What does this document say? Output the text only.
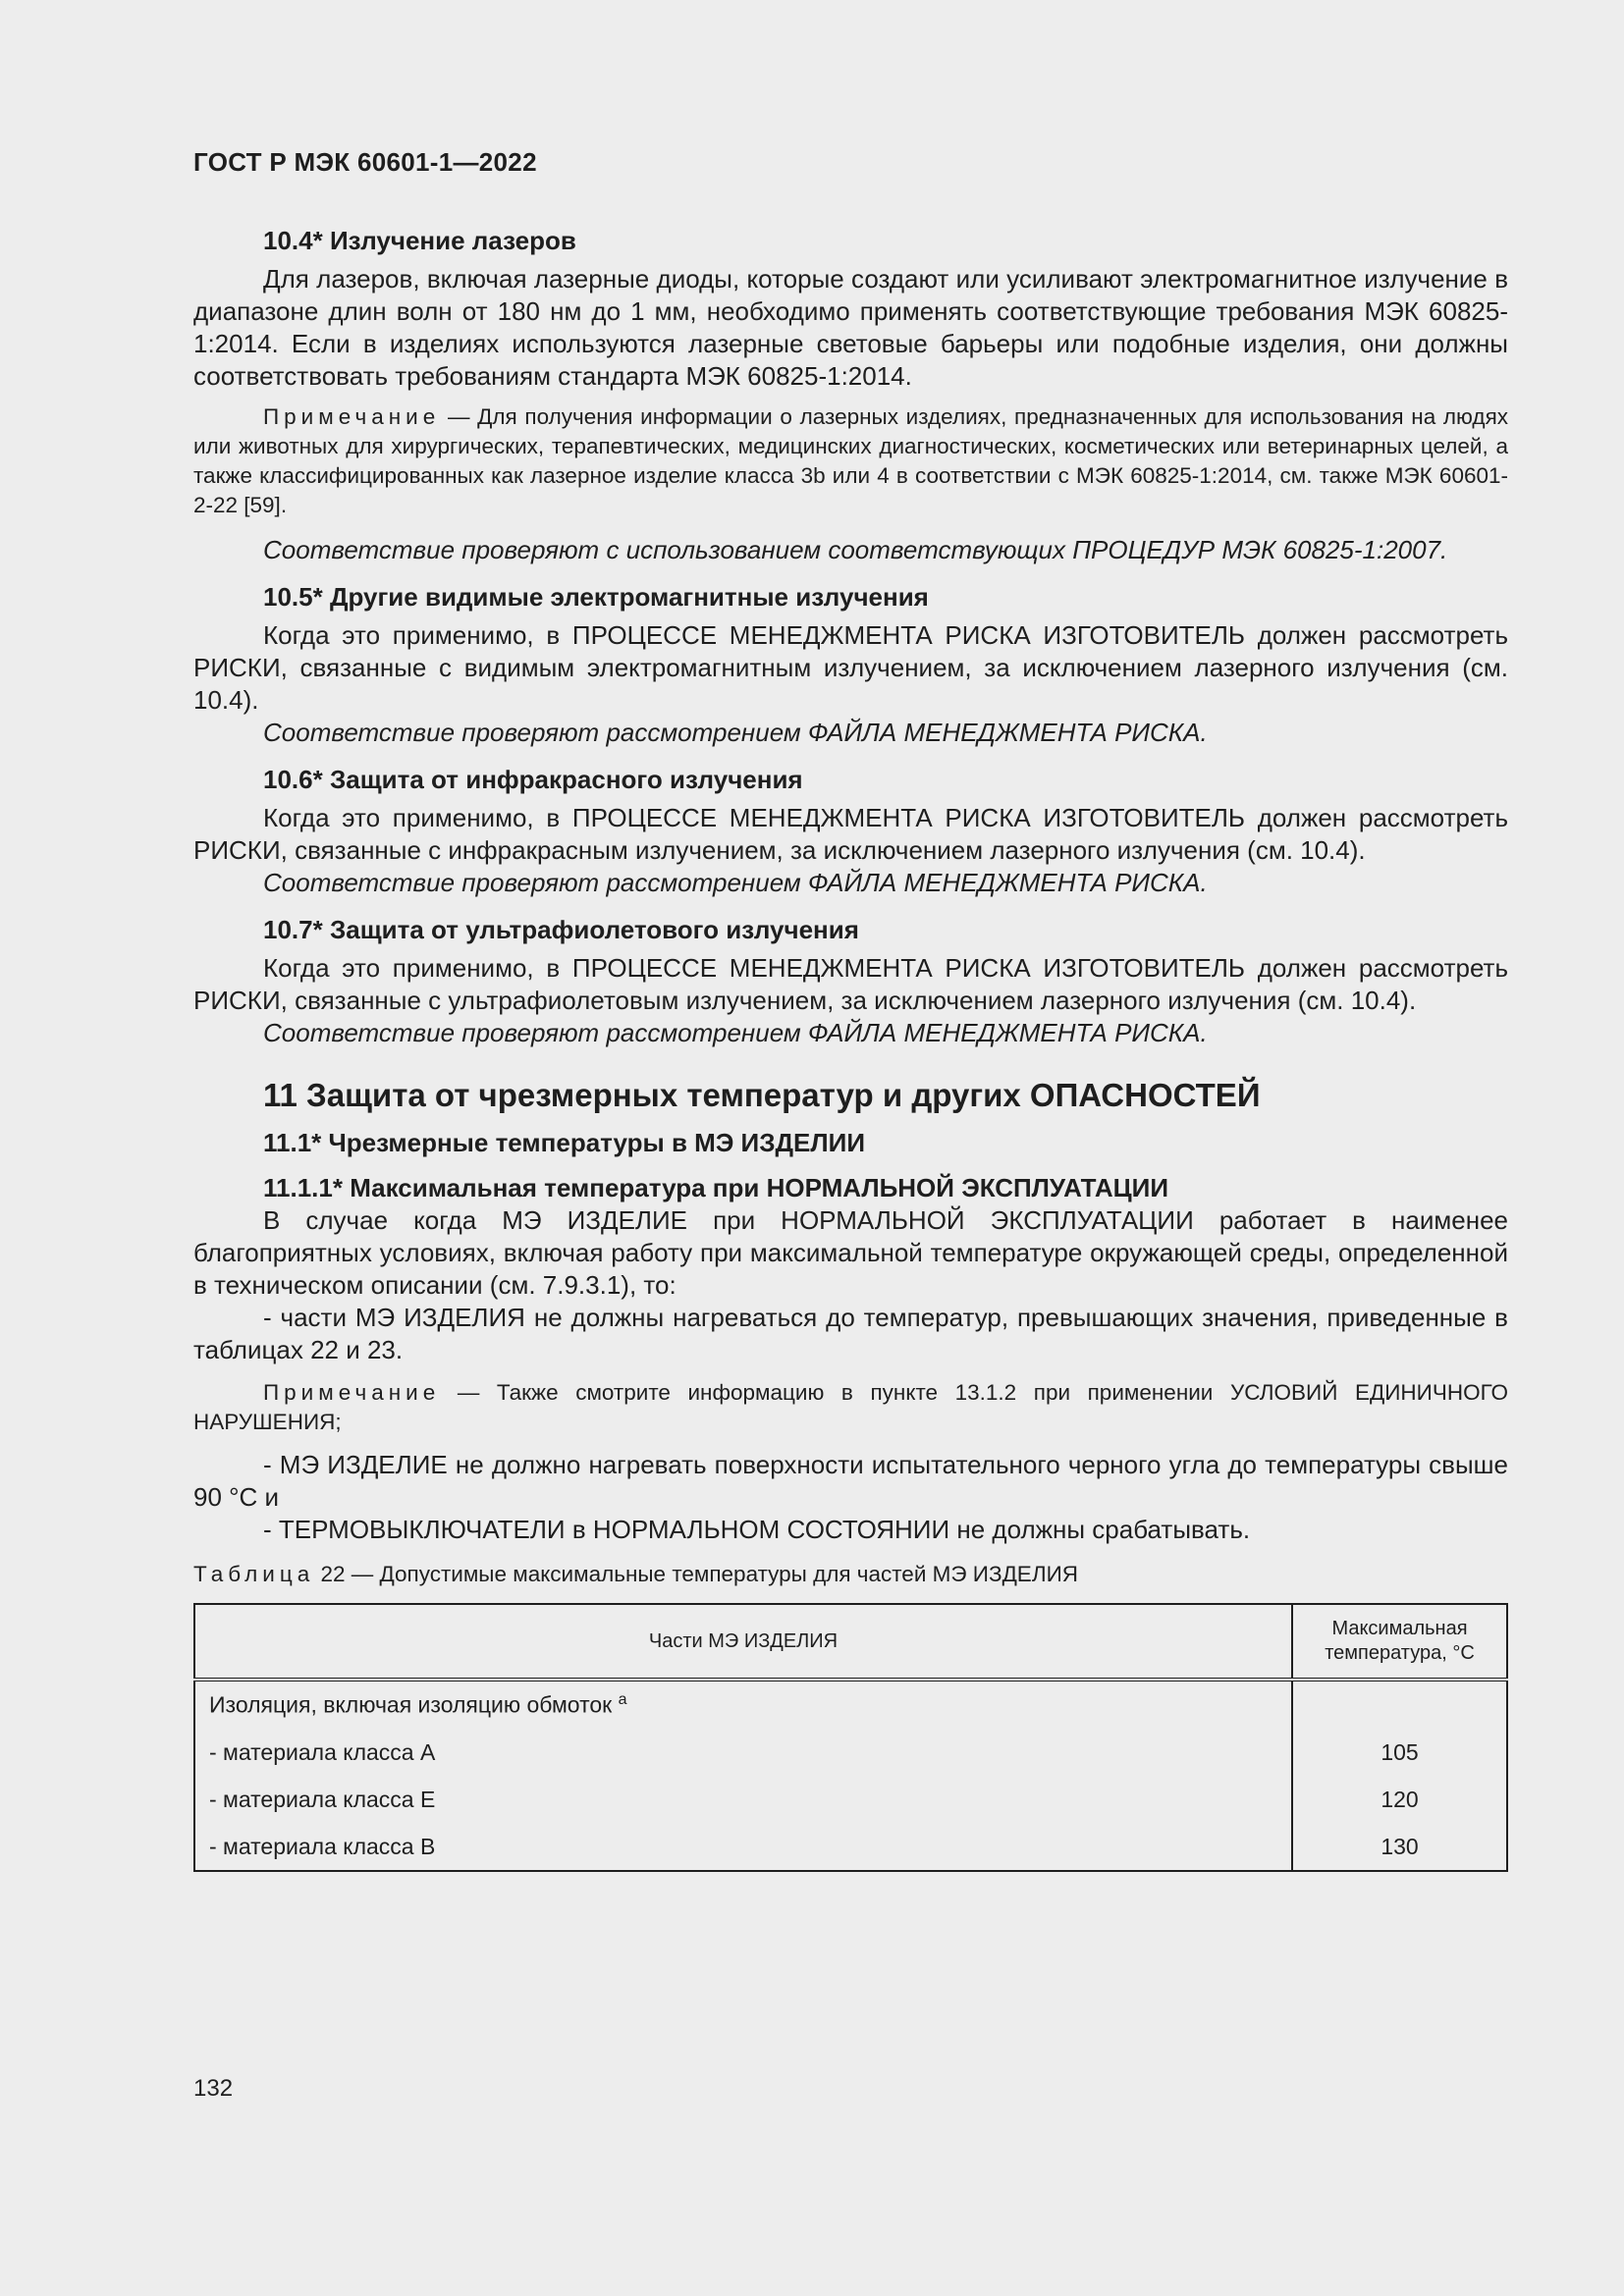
ГОСТ Р МЭК 60601-1—2022
10.4* Излучение лазеров

Для лазеров, включая лазерные диоды, которые создают или усиливают электромагнитное излучение в диапазоне длин волн от 180 нм до 1 мм, необходимо применять соответствующие требования МЭК 60825-1:2014. Если в изделиях используются лазерные световые барьеры или подобные изделия, они должны соответствовать требованиям стандарта МЭК 60825-1:2014.

Примечание — Для получения информации о лазерных изделиях, предназначенных для использования на людях или животных для хирургических, терапевтических, медицинских диагностических, косметических или ветеринарных целей, а также классифицированных как лазерное изделие класса 3b или 4 в соответствии с МЭК 60825-1:2014, см. также МЭК 60601-2-22 [59].

Соответствие проверяют с использованием соответствующих ПРОЦЕДУР МЭК 60825-1:2007.

10.5* Другие видимые электромагнитные излучения

Когда это применимо, в ПРОЦЕССЕ МЕНЕДЖМЕНТА РИСКА ИЗГОТОВИТЕЛЬ должен рассмотреть РИСКИ, связанные с видимым электромагнитным излучением, за исключением лазерного излучения (см. 10.4).

Соответствие проверяют рассмотрением ФАЙЛА МЕНЕДЖМЕНТА РИСКА.

10.6* Защита от инфракрасного излучения

Когда это применимо, в ПРОЦЕССЕ МЕНЕДЖМЕНТА РИСКА ИЗГОТОВИТЕЛЬ должен рассмотреть РИСКИ, связанные с инфракрасным излучением, за исключением лазерного излучения (см. 10.4).

Соответствие проверяют рассмотрением ФАЙЛА МЕНЕДЖМЕНТА РИСКА.

10.7* Защита от ультрафиолетового излучения

Когда это применимо, в ПРОЦЕССЕ МЕНЕДЖМЕНТА РИСКА ИЗГОТОВИТЕЛЬ должен рассмотреть РИСКИ, связанные с ультрафиолетовым излучением, за исключением лазерного излучения (см. 10.4).

Соответствие проверяют рассмотрением ФАЙЛА МЕНЕДЖМЕНТА РИСКА.

11 Защита от чрезмерных температур и других ОПАСНОСТЕЙ
11.1* Чрезмерные температуры в МЭ ИЗДЕЛИИ
11.1.1* Максимальная температура при НОРМАЛЬНОЙ ЭКСПЛУАТАЦИИ

В случае когда МЭ ИЗДЕЛИЕ при НОРМАЛЬНОЙ ЭКСПЛУАТАЦИИ работает в наименее благоприятных условиях, включая работу при максимальной температуре окружающей среды, определенной в техническом описании (см. 7.9.3.1), то:

- части МЭ ИЗДЕЛИЯ не должны нагреваться до температур, превышающих значения, приведенные в таблицах 22 и 23.

Примечание — Также смотрите информацию в пункте 13.1.2 при применении УСЛОВИЙ ЕДИНИЧНОГО НАРУШЕНИЯ;

- МЭ ИЗДЕЛИЕ не должно нагревать поверхности испытательного черного угла до температуры свыше 90 °C и

- ТЕРМОВЫКЛЮЧАТЕЛИ в НОРМАЛЬНОМ СОСТОЯНИИ не должны срабатывать.

Таблица 22 — Допустимые максимальные температуры для частей МЭ ИЗДЕЛИЯ
Части МЭ ИЗДЕЛИЯ	Максимальная
температура, °C
Изоляция, включая изоляцию обмоток $^a$	
- материала класса А	105
- материала класса Е	120
- материала класса В	130
132
